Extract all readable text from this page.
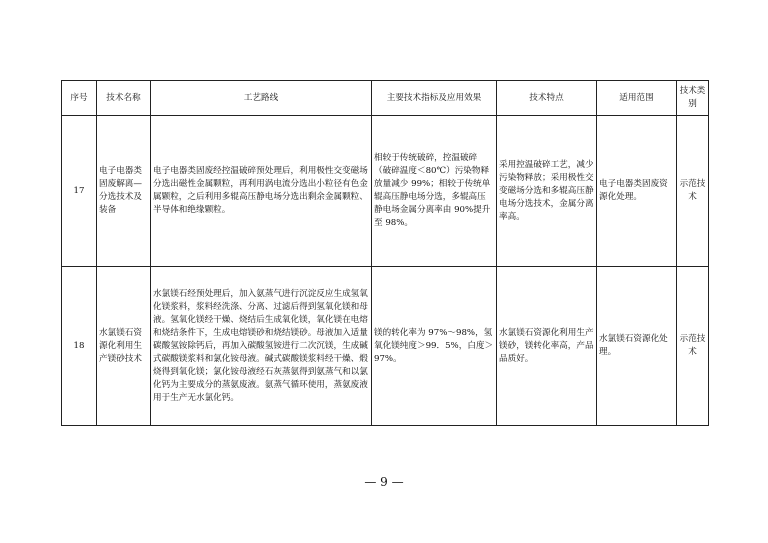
序号	技术名称	工艺路线	主要技术指标及应用效果	技术特点	适用范围	技术类别
17	电子电器类固废解离—分选技术及装备	电子电器类固废经控温破碎预处理后，利用极性交变磁场分选出磁性金属颗粒，再利用涡电流分选出小粒径有色金属颗粒，之后利用多辊高压静电场分选出剩余金属颗粒、半导体和绝缘颗粒。	相较于传统破碎，控温破碎（破碎温度＜80℃）污染物释放量减少 99%；相较于传统单辊高压静电场分选，多辊高压静电场金属分离率由 90%提升至 98%。	采用控温破碎工艺，减少污染物释放；采用极性交变磁场分选和多辊高压静电场分选技术，金属分离率高。	电子电器类固废资源化处理。	示范技术
18	水氯镁石资源化利用生产镁砂技术	水氯镁石经预处理后，加入氨蒸气进行沉淀反应生成氢氧化镁浆料，浆料经洗涤、分离、过滤后得到氢氧化镁和母液。氢氧化镁经干燥、烧结后生成氧化镁，氧化镁在电熔和烧结条件下，生成电熔镁砂和烧结镁砂。母液加入适量碳酸氢铵除钙后，再加入碳酸氢铵进行二次沉镁，生成碱式碳酸镁浆料和氯化铵母液。碱式碳酸镁浆料经干燥、煅烧得到氧化镁；氯化铵母液经石灰蒸氨得到氨蒸气和以氯化钙为主要成分的蒸氨废液。氨蒸气循环使用，蒸氨废液用于生产无水氯化钙。	镁的转化率为 97%～98%，氢氧化镁纯度＞99．5%，白度＞97%。	水氯镁石资源化利用生产镁砂，镁转化率高，产品品质好。	水氯镁石资源化处理。	示范技术
— 9 —
